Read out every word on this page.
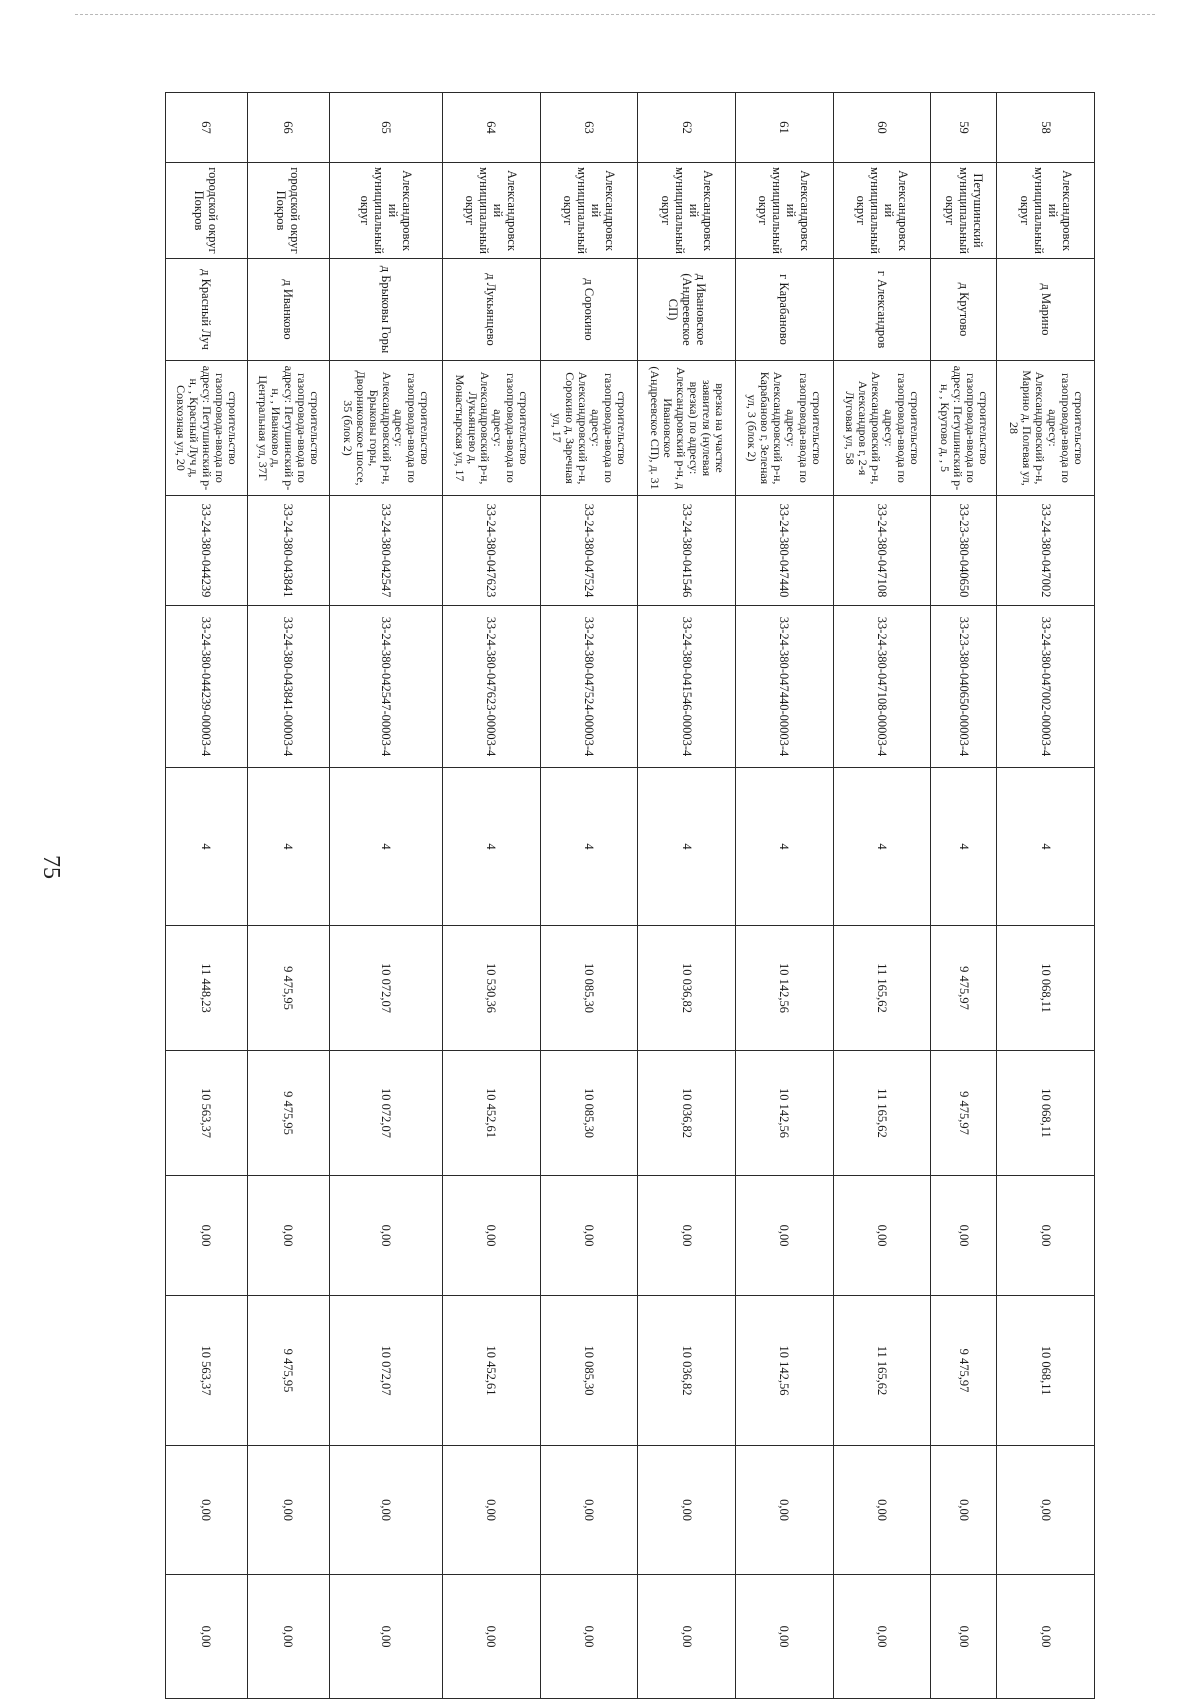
75
58	Александровск ий муниципальный округ	д Марино	строительство газопровода-ввода по адресу: Александровский р-н, Марино д, Полевая ул, 28	33-24-380-047002	33-24-380-047002-00003-4	4	10 068,11	10 068,11	0,00	10 068,11	0,00	0,00
59	Петушинский муниципальный округ	д Крутово	строительство газопровода-ввода по адресу: Петушинский р-н, , Крутово д, , 5	33-23-380-040650	33-23-380-040650-00003-4	4	9 475,97	9 475,97	0,00	9 475,97	0,00	0,00
60	Александровск ий муниципальный округ	г Александров	строительство газопровода-ввода по адресу: Александровский р-н, Александров г, 2-я Луговая ул, 58	33-24-380-047108	33-24-380-047108-00003-4	4	11 165,62	11 165,62	0,00	11 165,62	0,00	0,00
61	Александровск ий муниципальный округ	г Карабаново	строительство газопровода-ввода по адресу: Александровский р-н, Карабаново г, Зеленая ул, 3 (блок 2)	33-24-380-047440	33-24-380-047440-00003-4	4	10 142,56	10 142,56	0,00	10 142,56	0,00	0,00
62	Александровск ий муниципальный округ	д Ивановское (Андреевское СП)	врезка на участке заявителя (нулевая врезка) по адресу: Александровский р-н, д Ивановское (Андреевское СП), д. 31	33-24-380-041546	33-24-380-041546-00003-4	4	10 036,82	10 036,82	0,00	10 036,82	0,00	0,00
63	Александровск ий муниципальный округ	д Сорокино	строительство газопровода-ввода по адресу: Александровский р-н, Сорокино д, Заречная ул, 17	33-24-380-047524	33-24-380-047524-00003-4	4	10 085,30	10 085,30	0,00	10 085,30	0,00	0,00
64	Александровск ий муниципальный округ	д Лукьянцево	строительство газопровода-ввода по адресу: Александровский р-н, Лукьянцево д, Монастырская ул, 17	33-24-380-047623	33-24-380-047623-00003-4	4	10 530,36	10 452,61	0,00	10 452,61	0,00	0,00
65	Александровск ий муниципальный округ	д Брыковы Горы	строительство газопровода-ввода по адресу: Александровский р-н, Брыковы горы, Дворниковское шоссе, 35 (блок 2)	33-24-380-042547	33-24-380-042547-00003-4	4	10 072,07	10 072,07	0,00	10 072,07	0,00	0,00
66	городской округ Покров	д Иванково	строительство газопровода-ввода по адресу: Петушинский р-н, , Иванково д, Центральная ул, 37Г	33-24-380-043841	33-24-380-043841-00003-4	4	9 475,95	9 475,95	0,00	9 475,95	0,00	0,00
67	городской округ Покров	д Красный Луч	строительство газопровода-ввода по адресу: Петушинский р-н, , Красный Луч д, Совхозная ул, 20	33-24-380-044239	33-24-380-044239-00003-4	4	11 448,23	10 563,37	0,00	10 563,37	0,00	0,00
